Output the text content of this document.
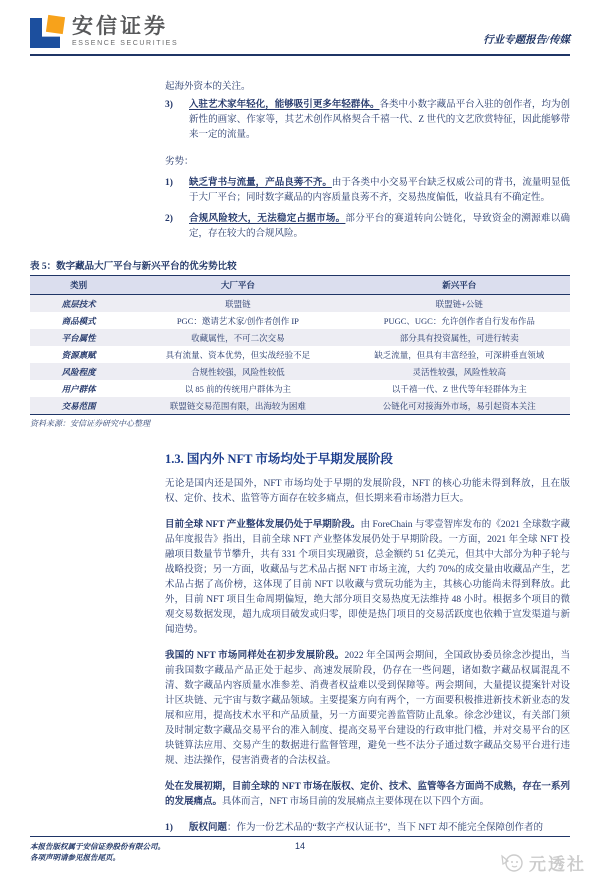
安信证券
ESSENCE SECURITIES	行业专题报告/传媒
起海外资本的关注。
3)	入驻艺术家年轻化，能够吸引更多年轻群体。各类中小数字藏品平台入驻的创作者，均为创新性的画家、作家等，其艺术创作风格契合千禧一代、Z 世代的文艺欣赏特征，因此能够带来一定的流量。
劣势：
1)	缺乏背书与流量，产品良莠不齐。由于各类中小交易平台缺乏权威公司的背书，流量明显低于大厂平台；同时数字藏品的内容质量良莠不齐，交易热度偏低，收益具有不确定性。
2)	合规风险较大，无法稳定占据市场。部分平台的赛道转向公链化，导致资金的溯源难以确定，存在较大的合规风险。
表 5：数字藏品大厂平台与新兴平台的优劣势比较
类别	大厂平台	新兴平台
底层技术	联盟链	联盟链+公链
商品模式	PGC：邀请艺术家/创作者创作 IP	PUGC、UGC：允许创作者自行发布作品
平台属性	收藏属性，不可二次交易	部分具有投资属性，可进行转卖
资源禀赋	具有流量、资本优势，但实战经验不足	缺乏流量，但具有丰富经验，可深耕垂直领域
风险程度	合规性较强，风险性较低	灵活性较强，风险性较高
用户群体	以 85 前的传统用户群体为主	以千禧一代、Z 世代等年轻群体为主
交易范围	联盟链交易范围有限，出海较为困难	公链化可对接海外市场，易引起资本关注
资料来源：安信证券研究中心整理
1.3. 国内外 NFT 市场均处于早期发展阶段
无论是国内还是国外，NFT 市场均处于早期的发展阶段，NFT 的核心功能未得到释放，且在版权、定价、技术、监管等方面存在较多痛点，但长期来看市场潜力巨大。
目前全球 NFT 产业整体发展仍处于早期阶段。由 ForeChain 与零壹智库发布的《2021 全球数字藏品年度报告》指出，目前全球 NFT 产业整体发展仍处于早期阶段。一方面，2021 年全球 NFT 投融项目数量节节攀升，共有 331 个项目实现融资，总金额约 51 亿美元，但其中大部分为种子轮与战略投资；另一方面，收藏品与艺术品占据 NFT 市场主流，大约 70%的成交量由收藏品产生，艺术品占据了高价榜，这体现了目前 NFT 以收藏与赏玩功能为主，其核心功能尚未得到释放。此外，目前 NFT 项目生命周期偏短，绝大部分项目交易热度无法维持 48 小时。根据多个项目的微观交易数据发现，超九成项目破发或归零，即使是热门项目的交易活跃度也依赖于宣发渠道与新闻造势。
我国的 NFT 市场同样处在初步发展阶段。2022 年全国两会期间，全国政协委员徐念沙提出，当前我国数字藏品产品正处于起步、高速发展阶段，仍存在一些问题，诸如数字藏品权属混乱不清、数字藏品内容质量水准参差、消费者权益难以受到保障等。两会期间，大量提议提案针对设计区块链、元宇宙与数字藏品领域。主要提案方向有两个，一方面要积极推进新技术新业态的发展和应用，提高技术水平和产品质量，另一方面要完善监管防止乱象。徐念沙建议，有关部门须及时制定数字藏品交易平台的准入制度、提高交易平台建设的行政审批门槛，并对交易平台的区块链算法应用、交易产生的数据进行监督管理，避免一些不法分子通过数字藏品交易平台进行违规、违法操作，侵害消费者的合法权益。
处在发展初期，目前全球的 NFT 市场在版权、定价、技术、监管等各方面尚不成熟，存在一系列的发展痛点。具体而言，NFT 市场目前的发展痛点主要体现在以下四个方面。
1)	版权问题：作为一份艺术品的“数字产权认证书”，当下 NFT 却不能完全保障创作者的
本报告版权属于安信证券股份有限公司。
各项声明请参见报告尾页。
14
元透社
